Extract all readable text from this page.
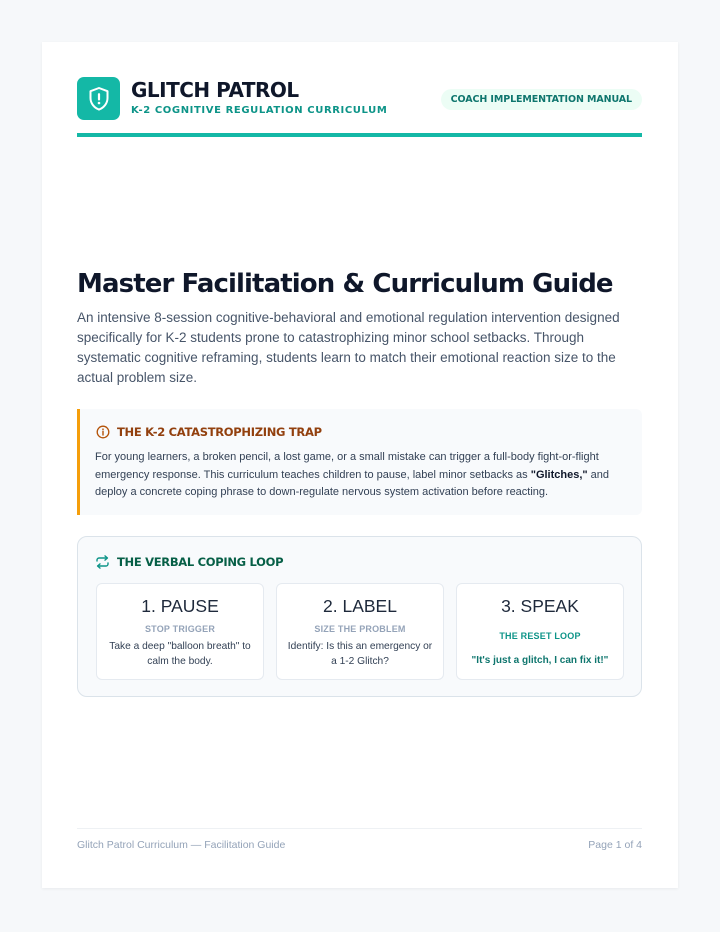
GLITCH PATROL
K-2 COGNITIVE REGULATION CURRICULUM
COACH IMPLEMENTATION MANUAL
Master Facilitation & Curriculum Guide

An intensive 8-session cognitive-behavioral and emotional regulation intervention designed specifically for K-2 students prone to catastrophizing minor school setbacks. Through systematic cognitive reframing, students learn to match their emotional reaction size to the actual problem size.

THE K-2 CATASTROPHIZING TRAP

For young learners, a broken pencil, a lost game, or a small mistake can trigger a full-body fight-or-flight emergency response. This curriculum teaches children to pause, label minor setbacks as "Glitches," and deploy a concrete coping phrase to down-regulate nervous system activation before reacting.

THE VERBAL COPING LOOP
1. PAUSE
STOP TRIGGER
Take a deep "balloon breath" to calm the body.
2. LABEL
SIZE THE PROBLEM
Identify: Is this an emergency or a 1-2 Glitch?
3. SPEAK
THE RESET LOOP
"It's just a glitch, I can fix it!"
Glitch Patrol Curriculum — Facilitation Guide	Page 1 of 4
